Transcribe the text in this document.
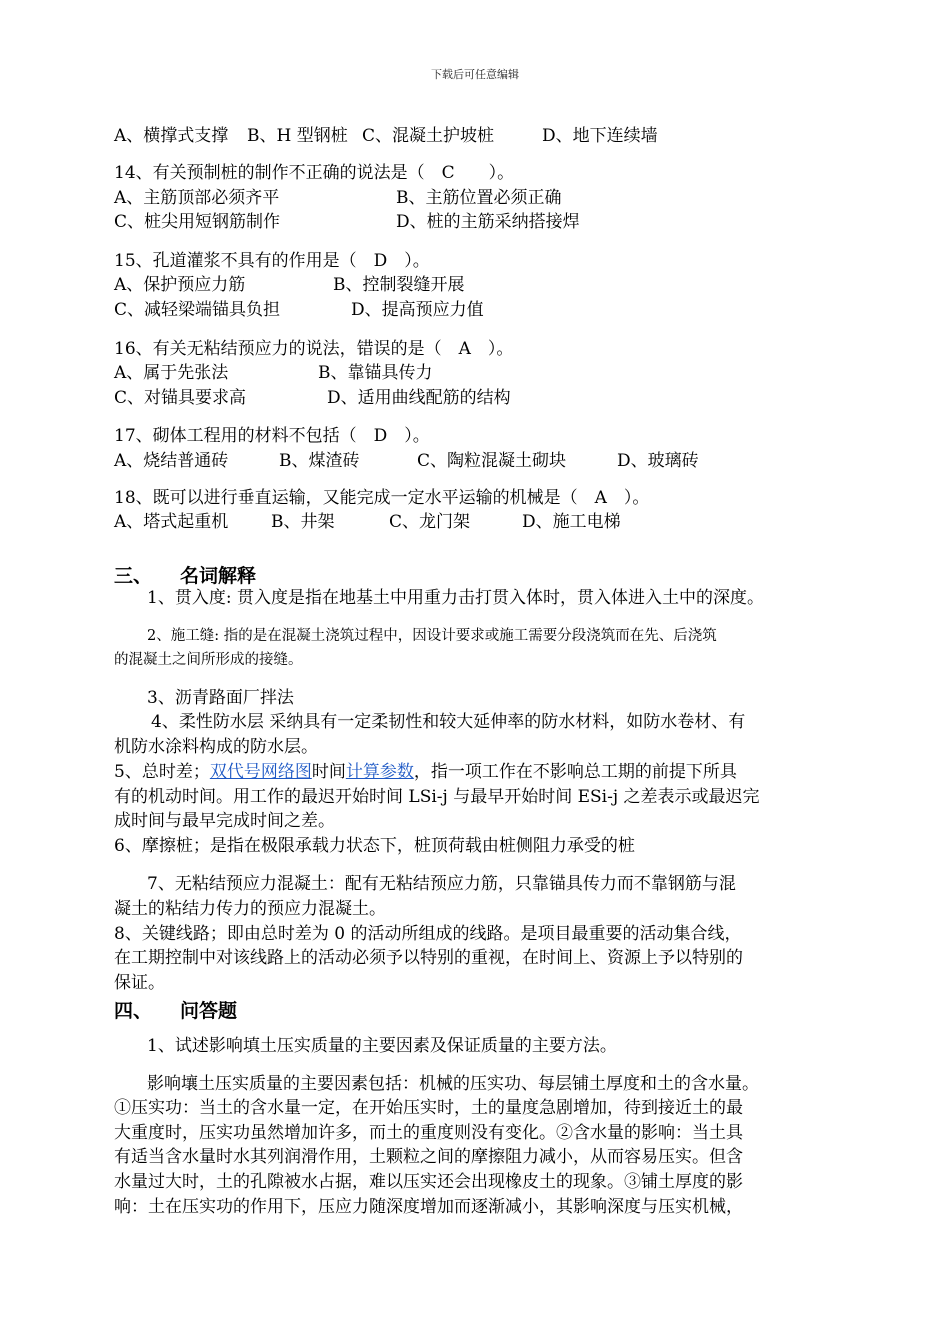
下载后可任意编辑
A、横撑式支撑 B、H 型钢桩 C、混凝土护坡桩	D、地下连续墙
14、有关预制桩的制作不正确的说法是（　C　　）。
A、主筋顶部必须齐平	B、主筋位置必须正确
C、桩尖用短钢筋制作	D、桩的主筋采纳搭接焊
15、孔道灌浆不具有的作用是（　D　）。
A、保护预应力筋	B、控制裂缝开展
C、减轻梁端锚具负担	D、提高预应力值
16、有关无粘结预应力的说法，错误的是（　A　）。
A、属于先张法	B、靠锚具传力
C、对锚具要求高	D、适用曲线配筋的结构
17、砌体工程用的材料不包括（　D　）。
A、烧结普通砖	B、煤渣砖	C、陶粒混凝土砌块	D、玻璃砖
18、既可以进行垂直运输，又能完成一定水平运输的机械是（　A　）。
A、塔式起重机	B、井架	C、龙门架	D、施工电梯
三、 名词解释
1、贯入度: 贯入度是指在地基土中用重力击打贯入体时，贯入体进入土中的深度。
2、施工缝: 指的是在混凝土浇筑过程中，因设计要求或施工需要分段浇筑而在先、后浇筑
的混凝土之间所形成的接缝。
3、沥青路面厂拌法
4、柔性防水层 采纳具有一定柔韧性和较大延伸率的防水材料，如防水卷材、有
机防水涂料构成的防水层。
5、总时差；双代号网络图时间计算参数，指一项工作在不影响总工期的前提下所具
有的机动时间。用工作的最迟开始时间 LSi-j 与最早开始时间 ESi-j 之差表示或最迟完
成时间与最早完成时间之差。
6、摩擦桩；是指在极限承载力状态下，桩顶荷载由桩侧阻力承受的桩
7、无粘结预应力混凝土：配有无粘结预应力筋，只靠锚具传力而不靠钢筋与混
凝土的粘结力传力的预应力混凝土。
8、关键线路；即由总时差为 0 的活动所组成的线路。是项目最重要的活动集合线，
在工期控制中对该线路上的活动必须予以特别的重视，在时间上、资源上予以特别的
保证。
四、 问答题
1、试述影响填土压实质量的主要因素及保证质量的主要方法。
影响壤土压实质量的主要因素包括：机械的压实功、每层铺土厚度和土的含水量。
①压实功：当土的含水量一定，在开始压实时，土的量度急剧增加，待到接近土的最
大重度时，压实功虽然增加许多，而土的重度则没有变化。②含水量的影响：当土具
有适当含水量时水其列润滑作用，土颗粒之间的摩擦阻力减小，从而容易压实。但含
水量过大时，土的孔隙被水占据，难以压实还会出现橡皮土的现象。③铺土厚度的影
响：土在压实功的作用下，压应力随深度增加而逐渐减小，其影响深度与压实机械，
